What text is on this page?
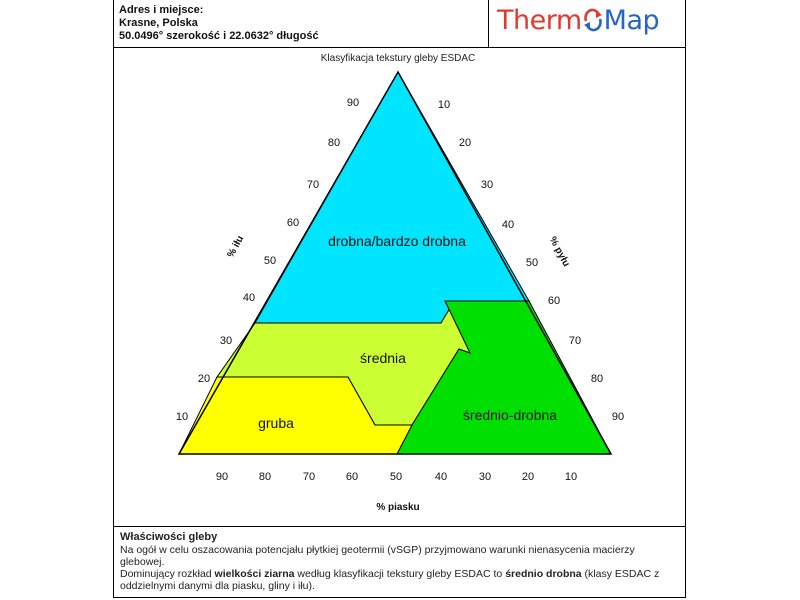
Adres i miejsce:
Krasne, Polska
50.0496° szerokość i 22.0632° długość	Therm Map
Klasyfikacja tekstury gleby ESDAC
drobna/bardzo drobna
średnia
średnio-drobna
gruba
% iłu	% pyłu
% piasku
90
80
70
60
50
40
30
20
10
10
20
30
40
50
60
70
80
90
90	80	70	60	50	40	30	20	10
Właściwości gleby
Na ogół w celu oszacowania potencjału płytkiej geotermii (vSGP) przyjmowano warunki nienasycenia macierzy glebowej.
Dominujący rozkład wielkości ziarna według klasyfikacji tekstury gleby ESDAC to średnio drobna (klasy ESDAC z oddzielnymi danymi dla piasku, gliny i iłu).
